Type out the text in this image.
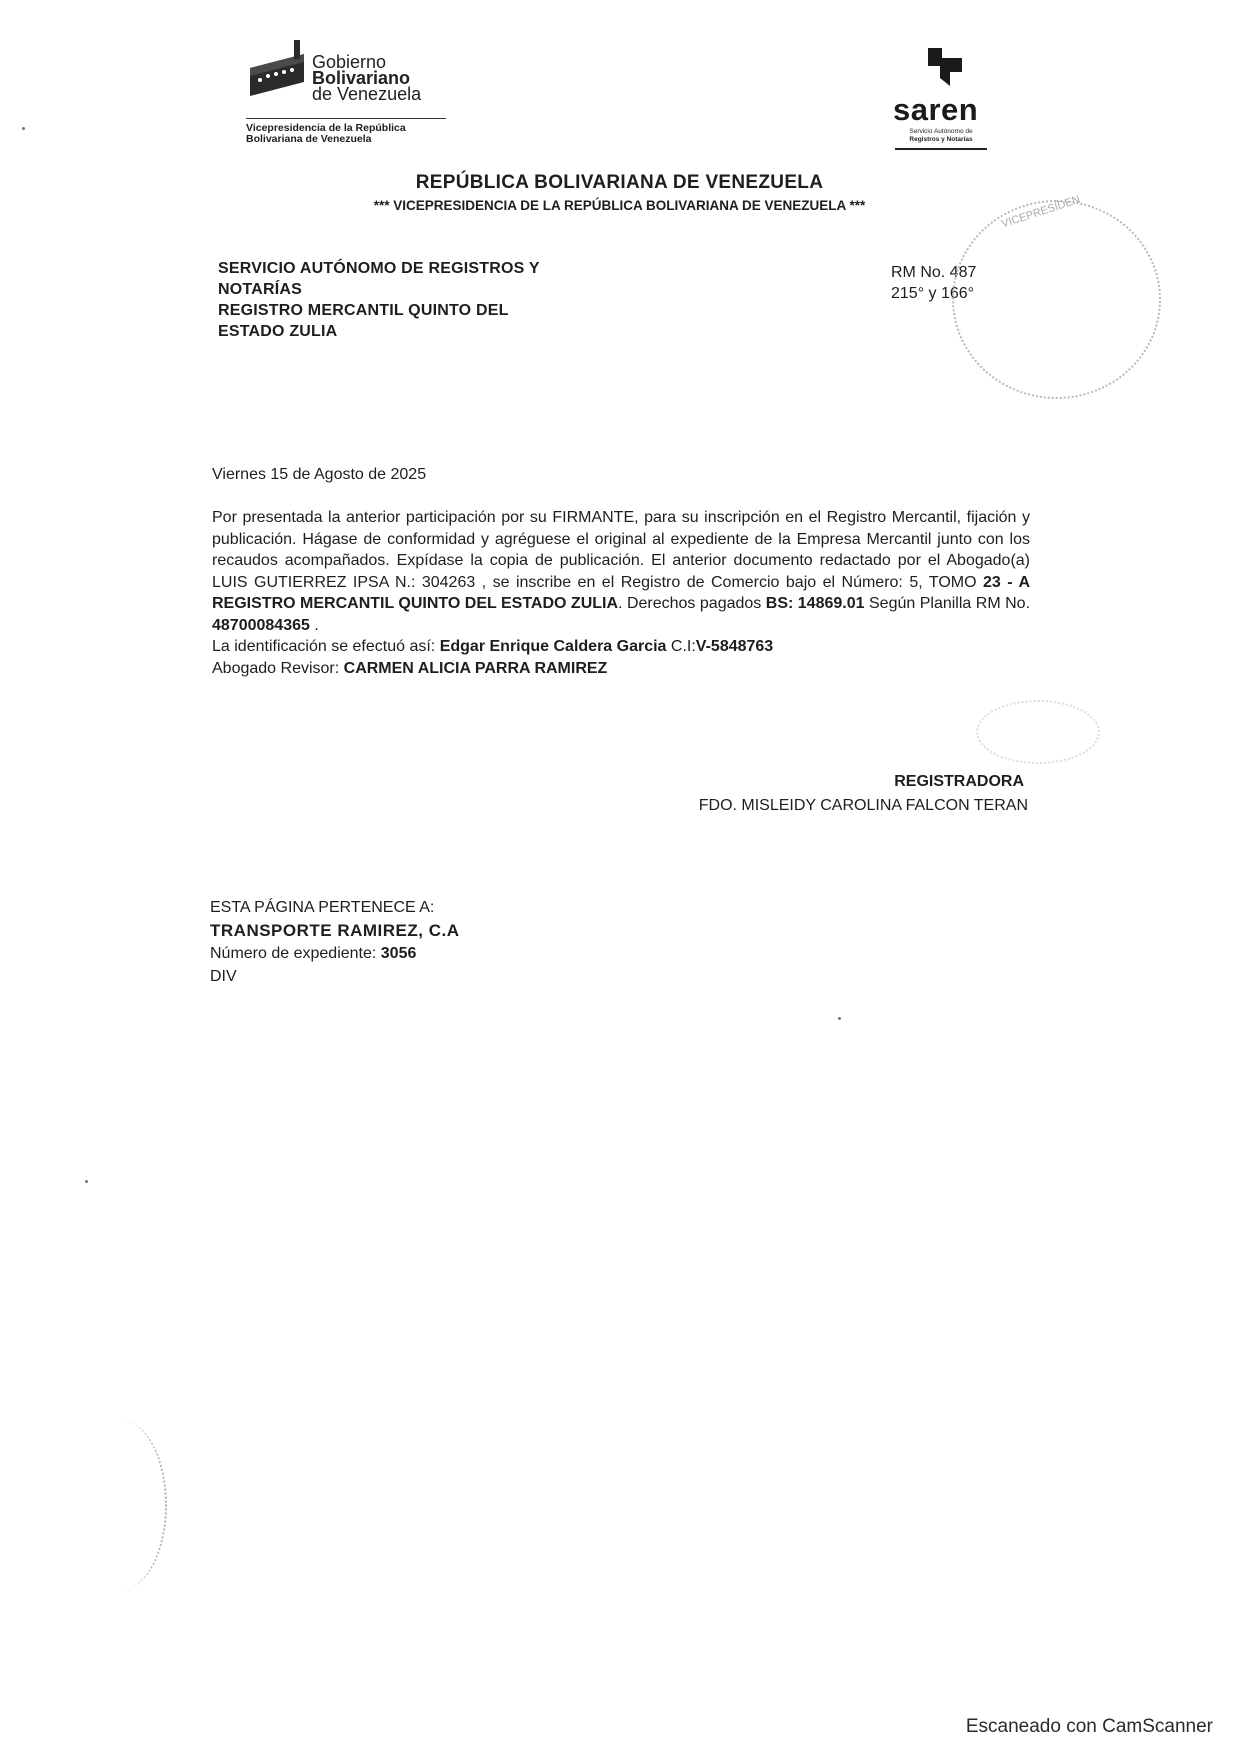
Gobierno
Bolivariano
de Venezuela
Vicepresidencia de la República
Bolivariana de Venezuela
saren
Servicio Autónomo de
Registros y Notarías
REPÚBLICA BOLIVARIANA DE VENEZUELA
*** VICEPRESIDENCIA DE LA REPÚBLICA BOLIVARIANA DE VENEZUELA ***
SERVICIO AUTÓNOMO DE REGISTROS Y
NOTARÍAS
REGISTRO MERCANTIL QUINTO DEL
ESTADO ZULIA
RM No. 487
215° y 166°
VICEPRESIDEN
Viernes 15 de Agosto de 2025
Por presentada la anterior participación por su FIRMANTE, para su inscripción en el Registro Mercantil, fijación y publicación. Hágase de conformidad y agréguese el original al expediente de la Empresa Mercantil junto con los recaudos acompañados. Expídase la copia de publicación. El anterior documento redactado por el Abogado(a) LUIS GUTIERREZ IPSA N.: 304263 , se inscribe en el Registro de Comercio bajo el Número: 5, TOMO 23 - A REGISTRO MERCANTIL QUINTO DEL ESTADO ZULIA. Derechos pagados BS: 14869.01 Según Planilla RM No. 48700084365 .
La identificación se efectuó así: Edgar Enrique Caldera Garcia C.I:V-5848763
Abogado Revisor: CARMEN ALICIA PARRA RAMIREZ
REGISTRADORA
FDO. MISLEIDY CAROLINA FALCON TERAN
ESTA PÁGINA PERTENECE A:
TRANSPORTE RAMIREZ, C.A
Número de expediente: 3056
DIV
Escaneado con CamScanner
